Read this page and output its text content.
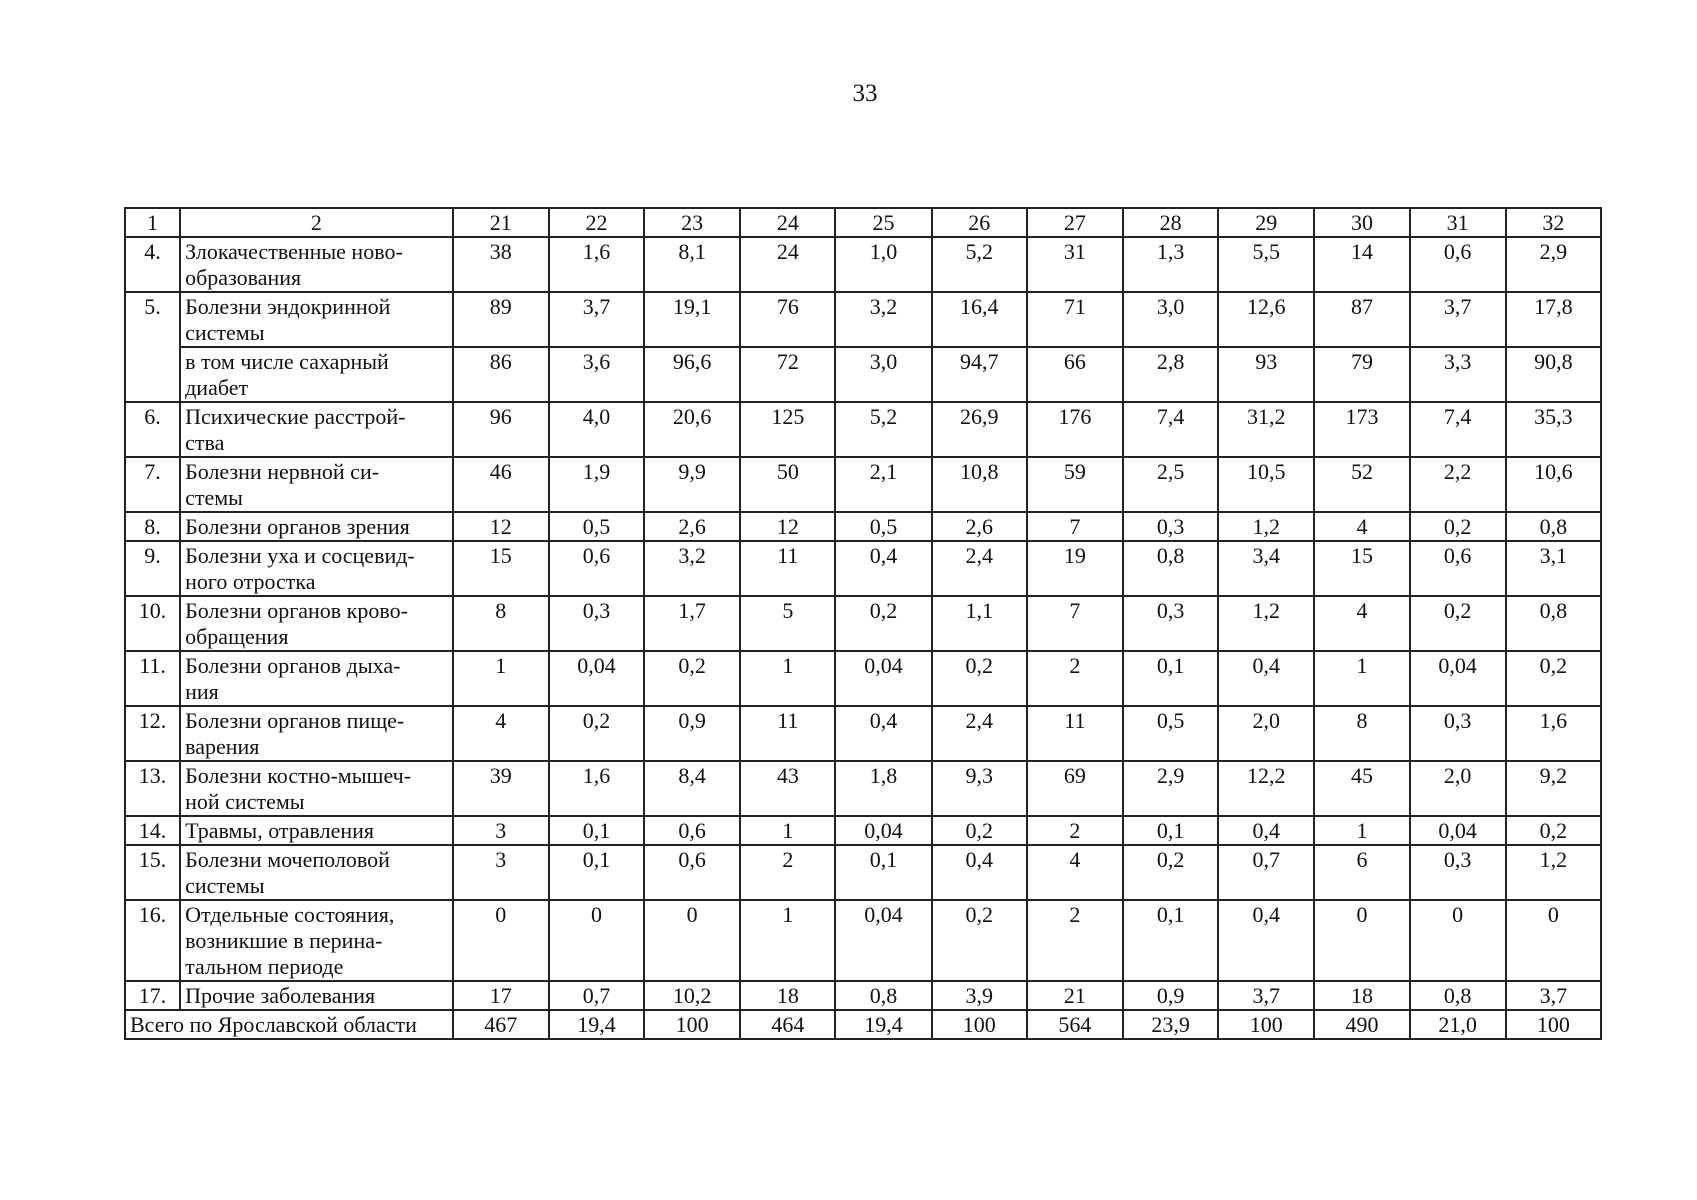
33
1	2	21	22	23	24	25	26	27	28	29	30	31	32
4.	Злокачественные ново-
образования	38	1,6	8,1	24	1,0	5,2	31	1,3	5,5	14	0,6	2,9
5.	Болезни эндокринной
системы	89	3,7	19,1	76	3,2	16,4	71	3,0	12,6	87	3,7	17,8
	в том числе сахарный
диабет	86	3,6	96,6	72	3,0	94,7	66	2,8	93	79	3,3	90,8
6.	Психические расстрой-
ства	96	4,0	20,6	125	5,2	26,9	176	7,4	31,2	173	7,4	35,3
7.	Болезни нервной си-
стемы	46	1,9	9,9	50	2,1	10,8	59	2,5	10,5	52	2,2	10,6
8.	Болезни органов зрения	12	0,5	2,6	12	0,5	2,6	7	0,3	1,2	4	0,2	0,8
9.	Болезни уха и сосцевид-
ного отростка	15	0,6	3,2	11	0,4	2,4	19	0,8	3,4	15	0,6	3,1
10.	Болезни органов крово-
обращения	8	0,3	1,7	5	0,2	1,1	7	0,3	1,2	4	0,2	0,8
11.	Болезни органов дыха-
ния	1	0,04	0,2	1	0,04	0,2	2	0,1	0,4	1	0,04	0,2
12.	Болезни органов пище-
варения	4	0,2	0,9	11	0,4	2,4	11	0,5	2,0	8	0,3	1,6
13.	Болезни костно-мышеч-
ной системы	39	1,6	8,4	43	1,8	9,3	69	2,9	12,2	45	2,0	9,2
14.	Травмы, отравления	3	0,1	0,6	1	0,04	0,2	2	0,1	0,4	1	0,04	0,2
15.	Болезни мочеполовой
системы	3	0,1	0,6	2	0,1	0,4	4	0,2	0,7	6	0,3	1,2
16.	Отдельные состояния,
возникшие в перина-
тальном периоде	0	0	0	1	0,04	0,2	2	0,1	0,4	0	0	0
17.	Прочие заболевания	17	0,7	10,2	18	0,8	3,9	21	0,9	3,7	18	0,8	3,7
Всего по Ярославской области		467	19,4	100	464	19,4	100	564	23,9	100	490	21,0	100
